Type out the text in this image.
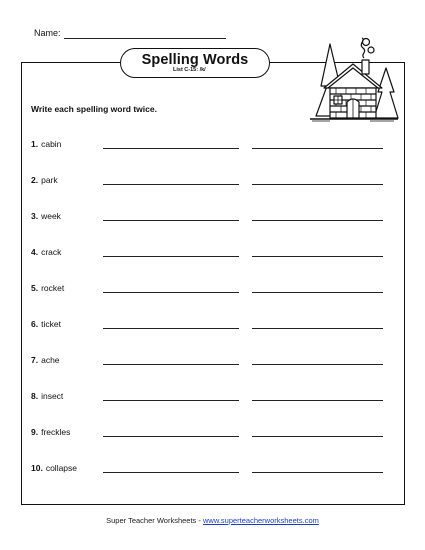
Name:
Spelling Words
List C-15: /k/
Write each spelling word twice.
1. cabin
2. park
3. week
4. crack
5. rocket
6. ticket
7. ache
8. insect
9. freckles
10. collapse
Super Teacher Worksheets - www.superteacherworksheets.com
